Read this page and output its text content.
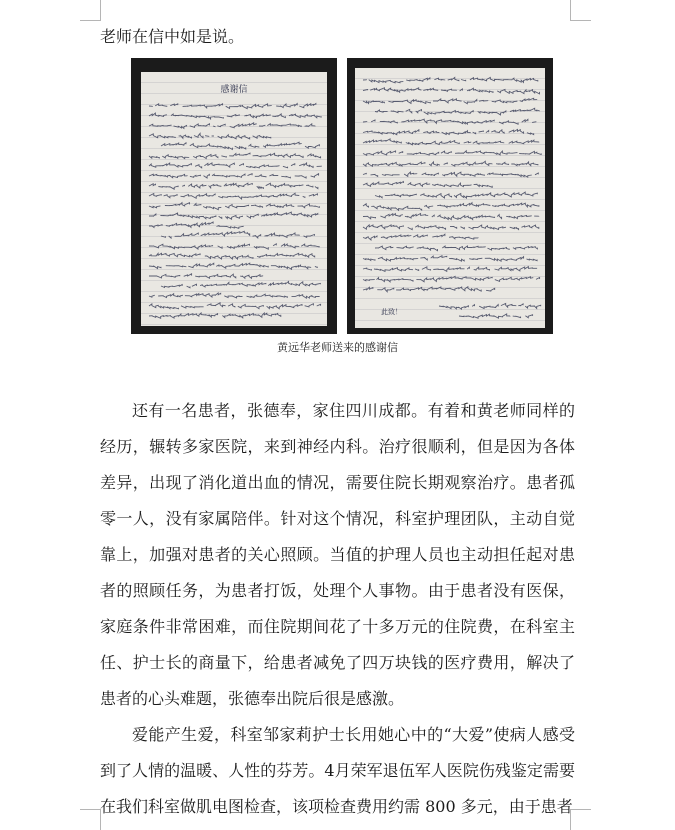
老师在信中如是说。

感谢信
此致！

黄远华老师送来的感谢信

还有一名患者，张德奉，家住四川成都。有着和黄老师同样的经历，辗转多家医院，来到神经内科。治疗很顺利，但是因为各体差异，出现了消化道出血的情况，需要住院长期观察治疗。患者孤零一人，没有家属陪伴。针对这个情况，科室护理团队，主动自觉靠上，加强对患者的关心照顾。当值的护理人员也主动担任起对患者的照顾任务，为患者打饭，处理个人事物。由于患者没有医保，家庭条件非常困难，而住院期间花了十多万元的住院费，在科室主任、护士长的商量下，给患者减免了四万块钱的医疗费用，解决了患者的心头难题，张德奉出院后很是感激。

爱能产生爱，科室邹家莉护士长用她心中的“大爱”使病人感受到了人情的温暖、人性的芬芳。4月荣军退伍军人医院伤残鉴定需要在我们科室做肌电图检查，该项检查费用约需 800 多元，由于患者
